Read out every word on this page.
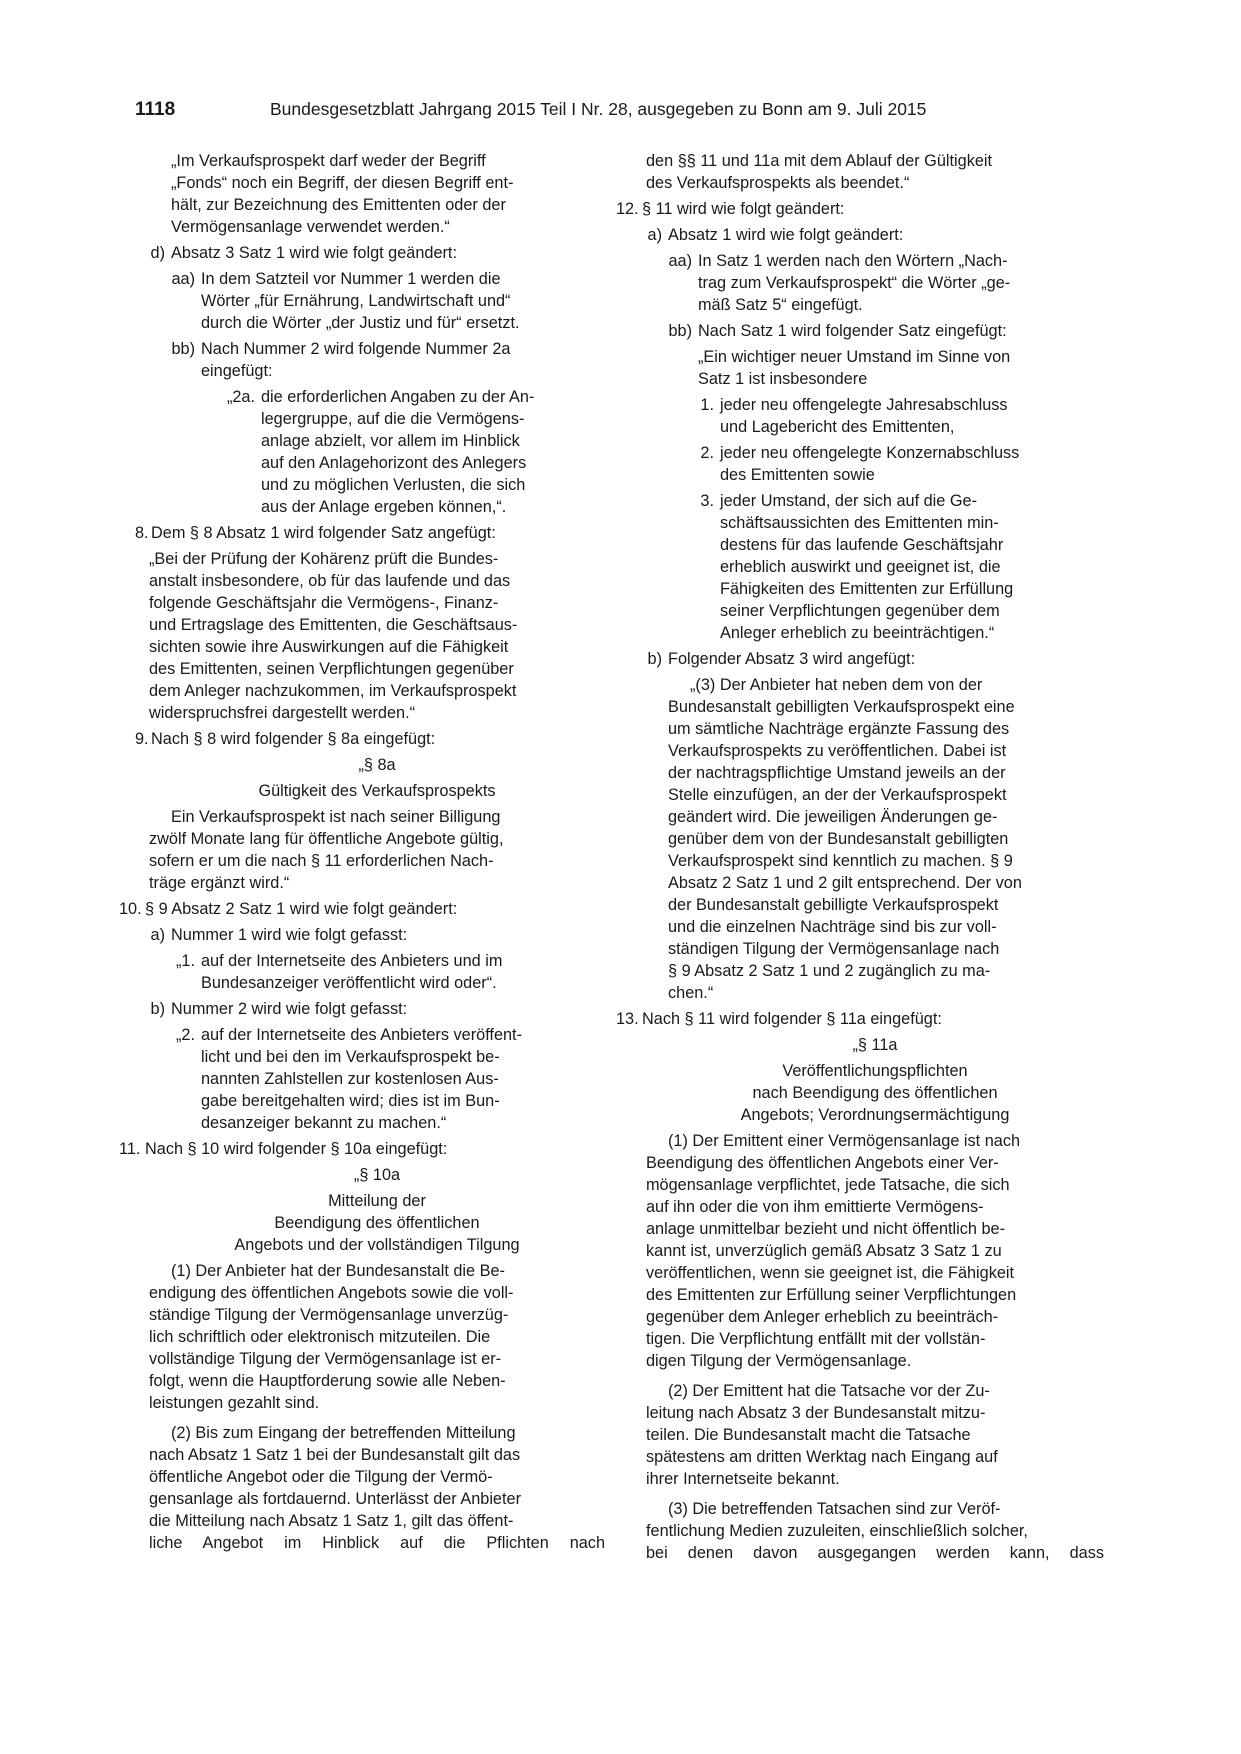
1118	Bundesgesetzblatt Jahrgang 2015 Teil I Nr. 28, ausgegeben zu Bonn am 9. Juli 2015

„Im Verkaufsprospekt darf weder der Begriff

„Fonds“ noch ein Begriff, der diesen Begriff ent-

hält, zur Bezeichnung des Emittenten oder der

Vermögensanlage verwendet werden.“

d) Absatz 3 Satz 1 wird wie folgt geändert:
aa) In dem Satzteil vor Nummer 1 werden die

Wörter „für Ernährung, Landwirtschaft und“

durch die Wörter „der Justiz und für“ ersetzt.

bb) Nach Nummer 2 wird folgende Nummer 2a

eingefügt:

„2a. die erforderlichen Angaben zu der An-

legergruppe, auf die die Vermögens-

anlage abzielt, vor allem im Hinblick

auf den Anlagehorizont des Anlegers

und zu möglichen Verlusten, die sich

aus der Anlage ergeben können,“.

8. Dem § 8 Absatz 1 wird folgender Satz angefügt:

„Bei der Prüfung der Kohärenz prüft die Bundes-

anstalt insbesondere, ob für das laufende und das

folgende Geschäftsjahr die Vermögens-, Finanz-

und Ertragslage des Emittenten, die Geschäftsaus-

sichten sowie ihre Auswirkungen auf die Fähigkeit

des Emittenten, seinen Verpflichtungen gegenüber

dem Anleger nachzukommen, im Verkaufsprospekt

widerspruchsfrei dargestellt werden.“

9. Nach § 8 wird folgender § 8a eingefügt:

„§ 8a

Gültigkeit des Verkaufsprospekts

Ein Verkaufsprospekt ist nach seiner Billigung

zwölf Monate lang für öffentliche Angebote gültig,

sofern er um die nach § 11 erforderlichen Nach-

träge ergänzt wird.“

10. § 9 Absatz 2 Satz 1 wird wie folgt geändert:
a) Nummer 1 wird wie folgt gefasst:
„1. auf der Internetseite des Anbieters und im

Bundesanzeiger veröffentlicht wird oder“.

b) Nummer 2 wird wie folgt gefasst:
„2. auf der Internetseite des Anbieters veröffent-

licht und bei den im Verkaufsprospekt be-

nannten Zahlstellen zur kostenlosen Aus-

gabe bereitgehalten wird; dies ist im Bun-

desanzeiger bekannt zu machen.“

11. Nach § 10 wird folgender § 10a eingefügt:

„§ 10a

Mitteilung der

Beendigung des öffentlichen

Angebots und der vollständigen Tilgung

(1) Der Anbieter hat der Bundesanstalt die Be-

endigung des öffentlichen Angebots sowie die voll-

ständige Tilgung der Vermögensanlage unverzüg-

lich schriftlich oder elektronisch mitzuteilen. Die

vollständige Tilgung der Vermögensanlage ist er-

folgt, wenn die Hauptforderung sowie alle Neben-

leistungen gezahlt sind.

(2) Bis zum Eingang der betreffenden Mitteilung

nach Absatz 1 Satz 1 bei der Bundesanstalt gilt das

öffentliche Angebot oder die Tilgung der Vermö-

gensanlage als fortdauernd. Unterlässt der Anbieter

die Mitteilung nach Absatz 1 Satz 1, gilt das öffent-

liche Angebot im Hinblick auf die Pflichten nach

den §§ 11 und 11a mit dem Ablauf der Gültigkeit

des Verkaufsprospekts als beendet.“

12. § 11 wird wie folgt geändert:
a) Absatz 1 wird wie folgt geändert:
aa) In Satz 1 werden nach den Wörtern „Nach-

trag zum Verkaufsprospekt“ die Wörter „ge-

mäß Satz 5“ eingefügt.

bb) Nach Satz 1 wird folgender Satz eingefügt:

„Ein wichtiger neuer Umstand im Sinne von

Satz 1 ist insbesondere

1. jeder neu offengelegte Jahresabschluss

und Lagebericht des Emittenten,

2. jeder neu offengelegte Konzernabschluss

des Emittenten sowie

3. jeder Umstand, der sich auf die Ge-

schäftsaussichten des Emittenten min-

destens für das laufende Geschäftsjahr

erheblich auswirkt und geeignet ist, die

Fähigkeiten des Emittenten zur Erfüllung

seiner Verpflichtungen gegenüber dem

Anleger erheblich zu beeinträchtigen.“

b) Folgender Absatz 3 wird angefügt:

„(3) Der Anbieter hat neben dem von der

Bundesanstalt gebilligten Verkaufsprospekt eine

um sämtliche Nachträge ergänzte Fassung des

Verkaufsprospekts zu veröffentlichen. Dabei ist

der nachtragspflichtige Umstand jeweils an der

Stelle einzufügen, an der der Verkaufsprospekt

geändert wird. Die jeweiligen Änderungen ge-

genüber dem von der Bundesanstalt gebilligten

Verkaufsprospekt sind kenntlich zu machen. § 9

Absatz 2 Satz 1 und 2 gilt entsprechend. Der von

der Bundesanstalt gebilligte Verkaufsprospekt

und die einzelnen Nachträge sind bis zur voll-

ständigen Tilgung der Vermögensanlage nach

§ 9 Absatz 2 Satz 1 und 2 zugänglich zu ma-

chen.“

13. Nach § 11 wird folgender § 11a eingefügt:

„§ 11a

Veröffentlichungspflichten

nach Beendigung des öffentlichen

Angebots; Verordnungsermächtigung

(1) Der Emittent einer Vermögensanlage ist nach

Beendigung des öffentlichen Angebots einer Ver-

mögensanlage verpflichtet, jede Tatsache, die sich

auf ihn oder die von ihm emittierte Vermögens-

anlage unmittelbar bezieht und nicht öffentlich be-

kannt ist, unverzüglich gemäß Absatz 3 Satz 1 zu

veröffentlichen, wenn sie geeignet ist, die Fähigkeit

des Emittenten zur Erfüllung seiner Verpflichtungen

gegenüber dem Anleger erheblich zu beeinträch-

tigen. Die Verpflichtung entfällt mit der vollstän-

digen Tilgung der Vermögensanlage.

(2) Der Emittent hat die Tatsache vor der Zu-

leitung nach Absatz 3 der Bundesanstalt mitzu-

teilen. Die Bundesanstalt macht die Tatsache

spätestens am dritten Werktag nach Eingang auf

ihrer Internetseite bekannt.

(3) Die betreffenden Tatsachen sind zur Veröf-

fentlichung Medien zuzuleiten, einschließlich solcher,

bei denen davon ausgegangen werden kann, dass
